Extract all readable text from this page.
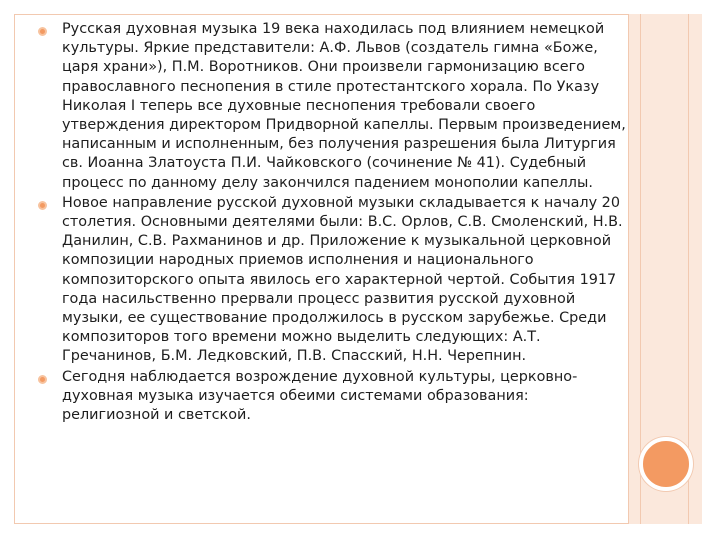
Русская духовная музыка 19 века находилась под влиянием немецкой культуры. Яркие представители: А.Ф. Львов (создатель гимна «Боже, царя храни»), П.М. Воротников. Они произвели гармонизацию всего православного песнопения в стиле протестантского хорала. По Указу Николая I теперь все духовные песнопения требовали своего утверждения директором Придворной капеллы. Первым произведением, написанным и исполненным, без получения разрешения была Литургия св. Иоанна Златоуста П.И. Чайковского (сочинение № 41). Судебный процесс по данному делу закончился падением монополии капеллы.
Новое направление русской духовной музыки складывается к началу 20 столетия. Основными деятелями были: В.С. Орлов, С.В. Смоленский, Н.В. Данилин, С.В. Рахманинов и др. Приложение к музыкальной церковной композиции народных приемов исполнения и национального композиторского опыта явилось его характерной чертой. События 1917 года насильственно прервали процесс развития русской духовной музыки, ее существование продолжилось в русском зарубежье. Среди композиторов того времени можно выделить следующих: А.Т. Гречанинов, Б.М. Ледковский, П.В. Спасский, Н.Н. Черепнин.
Сегодня наблюдается возрождение духовной культуры, церковно-духовная музыка изучается обеими системами образования: религиозной и светской.
